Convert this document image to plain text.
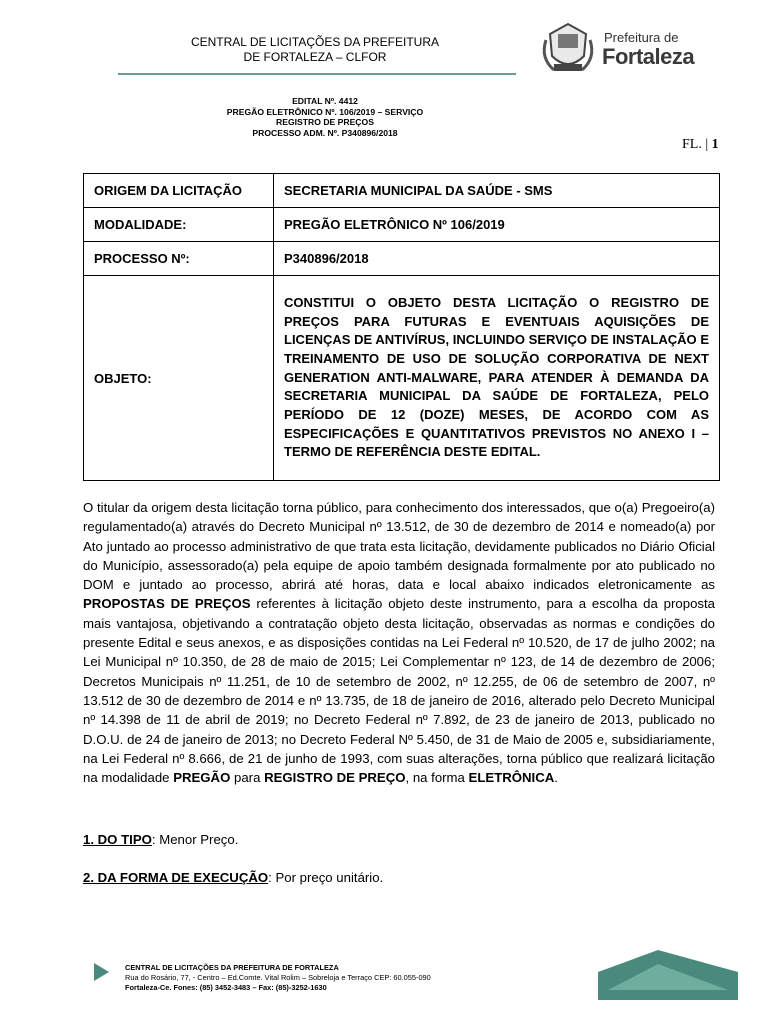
CENTRAL DE LICITAÇÕES DA PREFEITURA
DE FORTALEZA – CLFOR
Prefeitura de
Fortaleza
EDITAL Nº. 4412
PREGÃO ELETRÔNICO Nº. 106/2019 – SERVIÇO
REGISTRO DE PREÇOS
PROCESSO ADM. Nº. P340896/2018
FL. | 1
ORIGEM DA LICITAÇÃO	SECRETARIA MUNICIPAL DA SAÚDE - SMS
MODALIDADE:	PREGÃO ELETRÔNICO Nº 106/2019
PROCESSO Nº:	P340896/2018
OBJETO:	CONSTITUI O OBJETO DESTA LICITAÇÃO O REGISTRO DE PREÇOS PARA FUTURAS E EVENTUAIS AQUISIÇÕES DE LICENÇAS DE ANTIVÍRUS, INCLUINDO SERVIÇO DE INSTALAÇÃO E TREINAMENTO DE USO DE SOLUÇÃO CORPORATIVA DE NEXT GENERATION ANTI-MALWARE, PARA ATENDER À DEMANDA DA SECRETARIA MUNICIPAL DA SAÚDE DE FORTALEZA, PELO PERÍODO DE 12 (DOZE) MESES, DE ACORDO COM AS ESPECIFICAÇÕES E QUANTITATIVOS PREVISTOS NO ANEXO I – TERMO DE REFERÊNCIA DESTE EDITAL.
O titular da origem desta licitação torna público, para conhecimento dos interessados, que o(a) Pregoeiro(a) regulamentado(a) através do Decreto Municipal nº 13.512, de 30 de dezembro de 2014 e nomeado(a) por Ato juntado ao processo administrativo de que trata esta licitação, devidamente publicados no Diário Oficial do Município, assessorado(a) pela equipe de apoio também designada formalmente por ato publicado no DOM e juntado ao processo, abrirá até horas, data e local abaixo indicados eletronicamente as PROPOSTAS DE PREÇOS referentes à licitação objeto deste instrumento, para a escolha da proposta mais vantajosa, objetivando a contratação objeto desta licitação, observadas as normas e condições do presente Edital e seus anexos, e as disposições contidas na Lei Federal nº 10.520, de 17 de julho 2002; na Lei Municipal nº 10.350, de 28 de maio de 2015; Lei Complementar nº 123, de 14 de dezembro de 2006; Decretos Municipais nº 11.251, de 10 de setembro de 2002, nº 12.255, de 06 de setembro de 2007, nº 13.512 de 30 de dezembro de 2014 e nº 13.735, de 18 de janeiro de 2016, alterado pelo Decreto Municipal nº 14.398 de 11 de abril de 2019; no Decreto Federal nº 7.892, de 23 de janeiro de 2013, publicado no D.O.U. de 24 de janeiro de 2013; no Decreto Federal Nº 5.450, de 31 de Maio de 2005 e, subsidiariamente, na Lei Federal nº 8.666, de 21 de junho de 1993, com suas alterações, torna público que realizará licitação na modalidade PREGÃO para REGISTRO DE PREÇO, na forma ELETRÔNICA.
1. DO TIPO: Menor Preço.
2. DA FORMA DE EXECUÇÃO: Por preço unitário.
CENTRAL DE LICITAÇÕES DA PREFEITURA DE FORTALEZA
Rua do Rosário, 77, - Centro – Ed.Comte. Vital Rolim – Sobreloja e Terraço CEP: 60.055-090
Fortaleza-Ce. Fones: (85) 3452-3483 – Fax: (85)-3252-1630
